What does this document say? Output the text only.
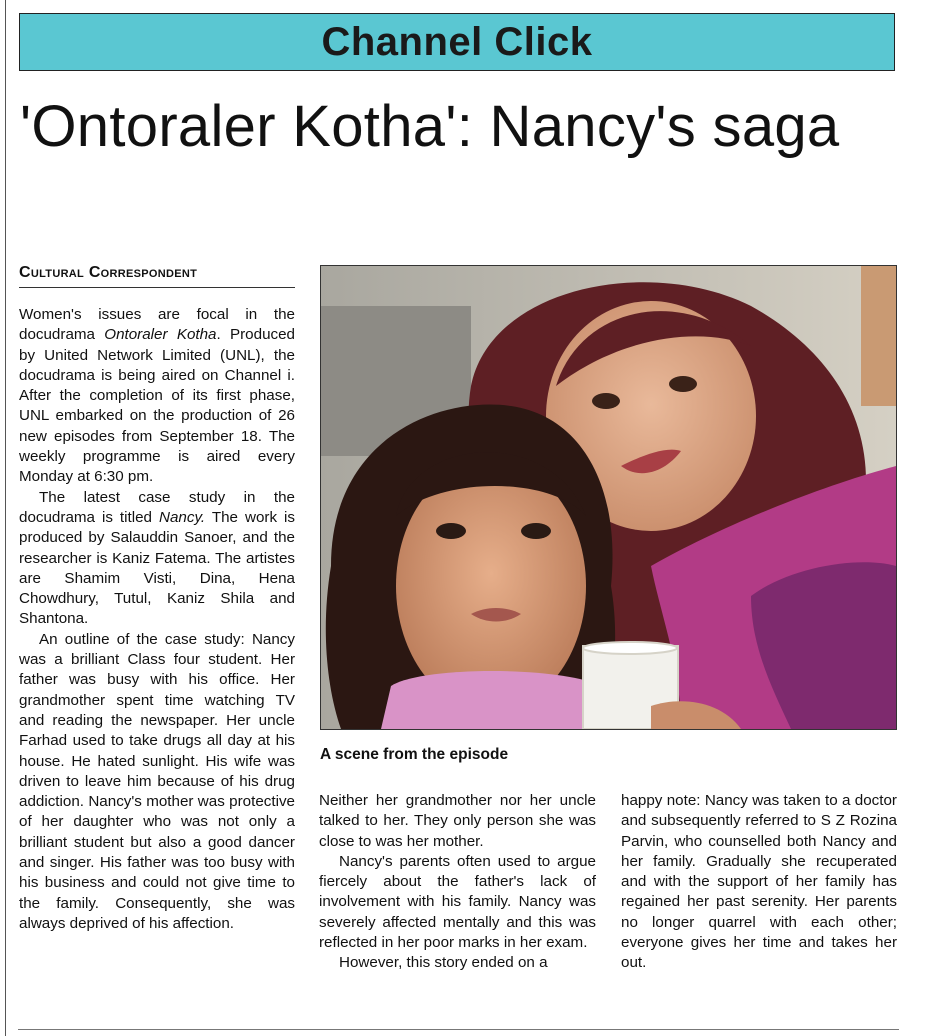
Channel Click
'Ontoraler Kotha': Nancy's saga
Cultural Correspondent

Women's issues are focal in the docudrama Ontoraler Kotha. Produced by United Network Limited (UNL), the docudrama is being aired on Channel i. After the completion of its first phase, UNL embarked on the production of 26 new episodes from September 18. The weekly programme is aired every Monday at 6:30 pm.

The latest case study in the docudrama is titled Nancy. The work is produced by Salauddin Sanoer, and the researcher is Kaniz Fatema. The artistes are Shamim Visti, Dina, Hena Chowdhury, Tutul, Kaniz Shila and Shantona.

An outline of the case study: Nancy was a brilliant Class four student. Her father was busy with his office. Her grandmother spent time watching TV and reading the newspaper. Her uncle Farhad used to take drugs all day at his house. He hated sunlight. His wife was driven to leave him because of his drug addiction. Nancy's mother was protective of her daughter who was not only a brilliant student but also a good dancer and singer. His father was too busy with his business and could not give time to the family. Consequently, she was always deprived of his affection.

A scene from the episode

Neither her grandmother nor her uncle talked to her. They only person she was close to was her mother.

Nancy's parents often used to argue fiercely about the father's lack of involvement with his family. Nancy was severely affected mentally and this was reflected in her poor marks in her exam.

However, this story ended on a

happy note: Nancy was taken to a doctor and subsequently referred to S Z Rozina Parvin, who counselled both Nancy and her family. Gradually she recuperated and with the support of her family has regained her past serenity. Her parents no longer quarrel with each other; everyone gives her time and takes her out.
